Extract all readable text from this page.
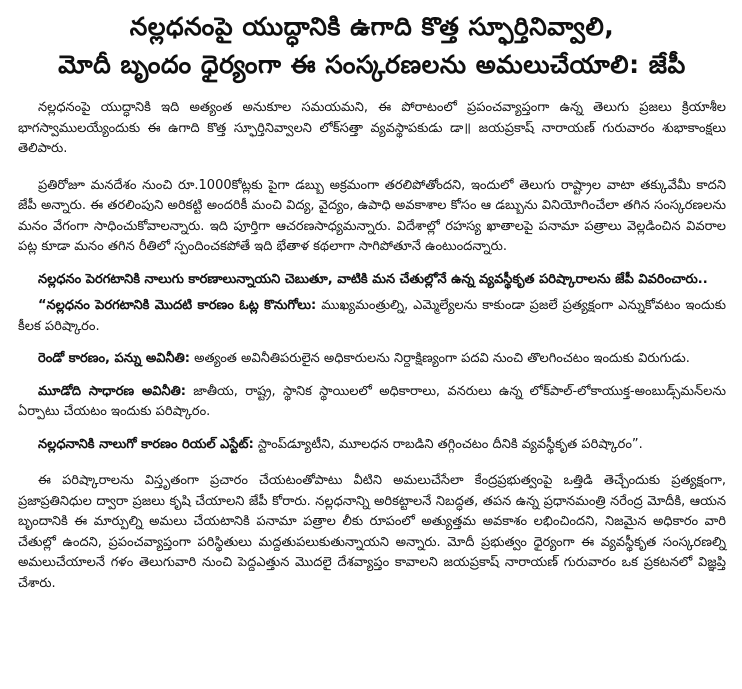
నల్లధనంపై యుద్ధానికి ఉగాది కొత్త స్ఫూర్తినివ్వాలి,
మోదీ బృందం ధైర్యంగా ఈ సంస్కరణలను అమలుచేయాలి: జేపీ

నల్లధనంపై యుద్ధానికి ఇది అత్యంత అనుకూల సమయమని, ఈ పోరాటంలో ప్రపంచవ్యాప్తంగా ఉన్న తెలుగు ప్రజలు క్రియాశీల భాగస్వాములయ్యేందుకు ఈ ఉగాది కొత్త స్ఫూర్తినివ్వాలని లోక్‌సత్తా వ్యవస్థాపకుడు డా॥ జయప్రకాష్ నారాయణ్ గురువారం శుభాకాంక్షలు తెలిపారు.

ప్రతిరోజూ మనదేశం నుంచి రూ.1000కోట్లకు పైగా డబ్బు అక్రమంగా తరలిపోతోందని, ఇందులో తెలుగు రాష్ట్రాల వాటా తక్కువేమీ కాదని జేపీ అన్నారు. ఈ తరలింపుని అరికట్టి అందరికీ మంచి విద్య, వైద్యం, ఉపాధి అవకాశాల కోసం ఆ డబ్బును వినియోగించేలా తగిన సంస్కరణలను మనం వేగంగా సాధించుకోవాలన్నారు. ఇది పూర్తిగా ఆచరణసాధ్యమన్నారు. విదేశాల్లో రహస్య ఖాతాలపై పనామా పత్రాలు వెల్లడించిన వివరాల పట్ల కూడా మనం తగిన రీతిలో స్పందించకపోతే ఇది భేతాళ కథలాగా సాగిపోతూనే ఉంటుందన్నారు.

నల్లధనం పెరగటానికి నాలుగు కారణాలున్నాయని చెబుతూ, వాటికి మన చేతుల్లోనే ఉన్న వ్యవస్థీకృత పరిష్కారాలను జేపీ వివరించారు..

“నల్లధనం పెరగటానికి మొదటి కారణం ఓట్ల కొనుగోలు: ముఖ్యమంత్రుల్ని, ఎమ్మెల్యేలను కాకుండా ప్రజలే ప్రత్యక్షంగా ఎన్నుకోవటం ఇందుకు కీలక పరిష్కారం.

రెండో కారణం, పన్ను అవినీతి: అత్యంత అవినీతిపరులైన అధికారులను నిర్దాక్షిణ్యంగా పదవి నుంచి తొలగించటం ఇందుకు విరుగుడు.

మూడోది సాధారణ అవినీతి: జాతీయ, రాష్ట్ర, స్థానిక స్థాయిలలో అధికారాలు, వనరులు ఉన్న లోక్‌పాల్-లోకాయుక్త-అంబుడ్స్‌మన్‌లను ఏర్పాటు చేయటం ఇందుకు పరిష్కారం.

నల్లధనానికి నాలుగో కారణం రియల్ ఎస్టేట్: స్టాంప్‌డ్యూటీని, మూలధన రాబడిని తగ్గించటం దీనికి వ్యవస్థీకృత పరిష్కారం”.

ఈ పరిష్కారాలను విస్తృతంగా ప్రచారం చేయటంతోపాటు వీటిని అమలుచేసేలా కేంద్రప్రభుత్వంపై ఒత్తిడి తెచ్చేందుకు ప్రత్యక్షంగా, ప్రజాప్రతినిధుల ద్వారా ప్రజలు కృషి చేయాలని జేపీ కోరారు. నల్లధనాన్ని అరికట్టాలనే నిబద్ధత, తపన ఉన్న ప్రధానమంత్రి నరేంద్ర మోదీకి, ఆయన బృందానికి ఈ మార్పుల్ని అమలు చేయటానికి పనామా పత్రాల లీకు రూపంలో అత్యుత్తమ అవకాశం లభించిందని, నిజమైన అధికారం వారి చేతుల్లో ఉందని, ప్రపంచవ్యాప్తంగా పరిస్థితులు మద్దతుపలుకుతున్నాయని అన్నారు. మోదీ ప్రభుత్వం ధైర్యంగా ఈ వ్యవస్థీకృత సంస్కరణల్ని అమలుచేయాలనే గళం తెలుగువారి నుంచి పెద్దఎత్తున మొదలై దేశవ్యాప్తం కావాలని జయప్రకాష్ నారాయణ్ గురువారం ఒక ప్రకటనలో విజ్ఞప్తి చేశారు.
